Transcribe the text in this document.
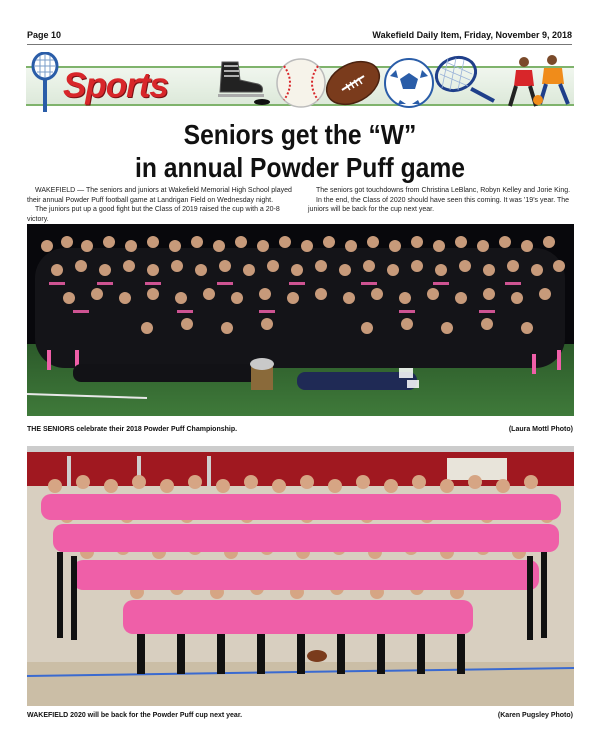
Page 10	Wakefield Daily Item, Friday, November 9, 2018
Sports
Seniors get the “W”
in annual Powder Puff game

WAKEFIELD — The seniors and juniors at Wakefield Memorial High School played their annual Powder Puff football game at Landrigan Field on Wednesday night.

The juniors put up a good fight but the Class of 2019 raised the cup with a 20-8 victory.

The seniors got touchdowns from Christina LeBlanc, Robyn Kelley and Jorie King.

In the end, the Class of 2020 should have seen this coming. It was ’19’s year. The juniors will be back for the cup next year.

THE SENIORS celebrate their 2018 Powder Puff Championship.	(Laura Mottl Photo)
WAKEFIELD 2020 will be back for the Powder Puff cup next year.	(Karen Pugsley Photo)
